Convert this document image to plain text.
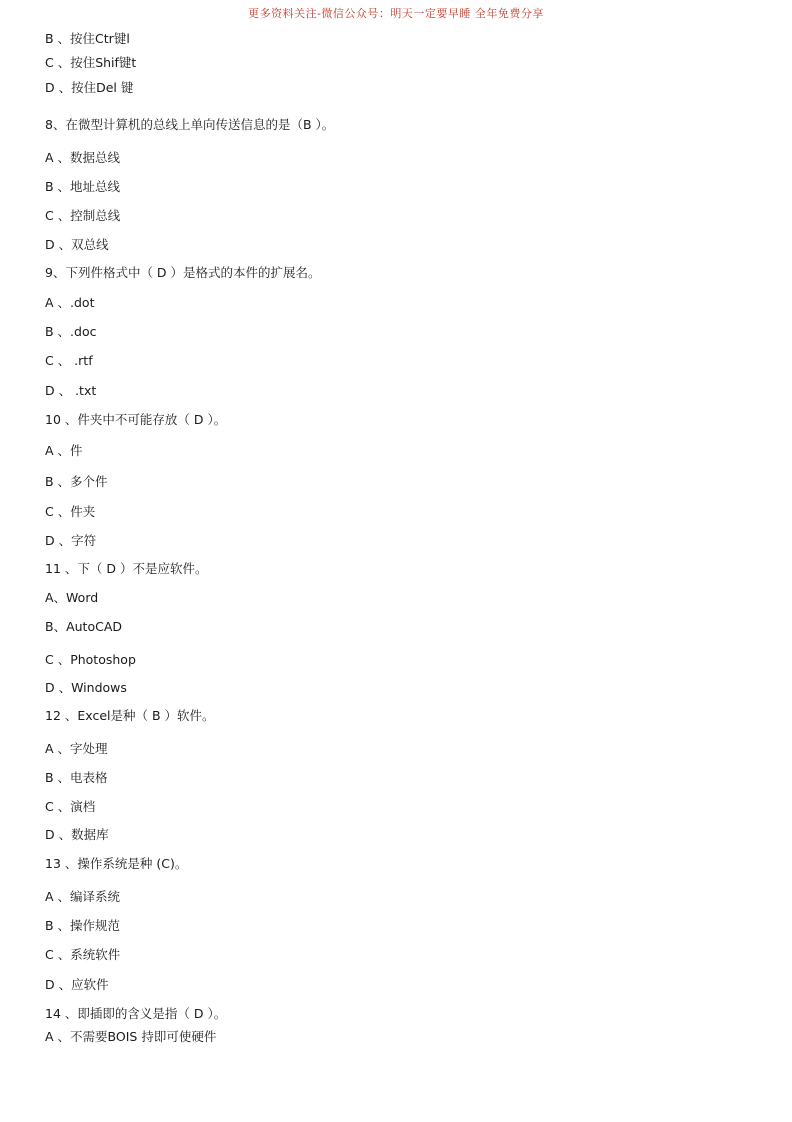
更多资料关注-微信公众号：明天一定要早睡 全年免费分享
B 、按住Ctr键l
C 、按住Shif键t
D 、按住Del 键
8、在微型计算机的总线上单向传送信息的是（B ）。
A 、数据总线
B 、地址总线
C 、控制总线
D 、双总线
9、下列件格式中（ D ）是格式的本件的扩展名。
A 、.dot
B 、.doc
C 、 .rtf
D 、 .txt
10 、件夹中不可能存放（ D ）。
A 、件
B 、多个件
C 、件夹
D 、字符
11 、下（ D ）不是应软件。
A、Word
B、AutoCAD
C 、Photoshop
D 、Windows
12 、Excel是种（ B ）软件。
A 、字处理
B 、电表格
C 、演档
D 、数据库
13 、操作系统是种 (C)。
A 、编译系统
B 、操作规范
C 、系统软件
D 、应软件
14 、即插即的含义是指（ D ）。
A 、不需要BOIS 持即可使硬件
